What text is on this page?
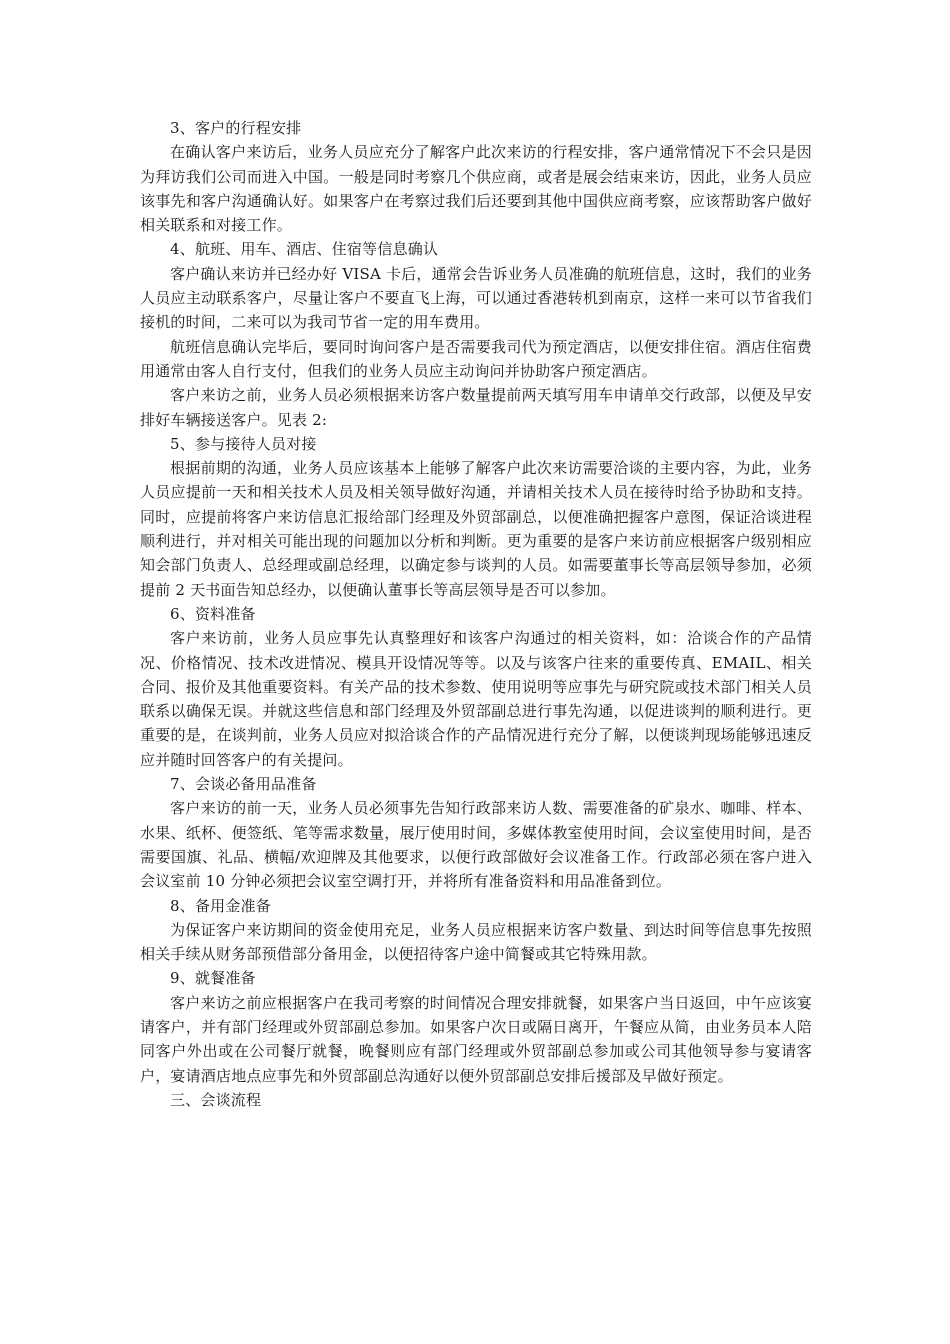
3、客户的行程安排

在确认客户来访后，业务人员应充分了解客户此次来访的行程安排，客户通常情况下不会只是因为拜访我们公司而进入中国。一般是同时考察几个供应商，或者是展会结束来访，因此，业务人员应该事先和客户沟通确认好。如果客户在考察过我们后还要到其他中国供应商考察，应该帮助客户做好相关联系和对接工作。

4、航班、用车、酒店、住宿等信息确认

客户确认来访并已经办好 VISA 卡后，通常会告诉业务人员准确的航班信息，这时，我们的业务人员应主动联系客户，尽量让客户不要直飞上海，可以通过香港转机到南京，这样一来可以节省我们接机的时间，二来可以为我司节省一定的用车费用。

航班信息确认完毕后，要同时询问客户是否需要我司代为预定酒店，以便安排住宿。酒店住宿费用通常由客人自行支付，但我们的业务人员应主动询问并协助客户预定酒店。

客户来访之前，业务人员必须根据来访客户数量提前两天填写用车申请单交行政部，以便及早安排好车辆接送客户。见表 2:

5、参与接待人员对接

根据前期的沟通，业务人员应该基本上能够了解客户此次来访需要洽谈的主要内容，为此，业务人员应提前一天和相关技术人员及相关领导做好沟通，并请相关技术人员在接待时给予协助和支持。同时，应提前将客户来访信息汇报给部门经理及外贸部副总，以便准确把握客户意图，保证洽谈进程顺利进行，并对相关可能出现的问题加以分析和判断。更为重要的是客户来访前应根据客户级别相应知会部门负责人、总经理或副总经理，以确定参与谈判的人员。如需要董事长等高层领导参加，必须提前 2 天书面告知总经办，以便确认董事长等高层领导是否可以参加。

6、资料准备

客户来访前，业务人员应事先认真整理好和该客户沟通过的相关资料，如：洽谈合作的产品情况、价格情况、技术改进情况、模具开设情况等等。以及与该客户往来的重要传真、EMAIL、相关合同、报价及其他重要资料。有关产品的技术参数、使用说明等应事先与研究院或技术部门相关人员联系以确保无误。并就这些信息和部门经理及外贸部副总进行事先沟通，以促进谈判的顺利进行。更重要的是，在谈判前，业务人员应对拟洽谈合作的产品情况进行充分了解，以便谈判现场能够迅速反应并随时回答客户的有关提问。

7、会谈必备用品准备

客户来访的前一天，业务人员必须事先告知行政部来访人数、需要准备的矿泉水、咖啡、样本、水果、纸杯、便签纸、笔等需求数量，展厅使用时间，多媒体教室使用时间，会议室使用时间，是否需要国旗、礼品、横幅/欢迎牌及其他要求，以便行政部做好会议准备工作。行政部必须在客户进入会议室前 10 分钟必须把会议室空调打开，并将所有准备资料和用品准备到位。

8、备用金准备

为保证客户来访期间的资金使用充足，业务人员应根据来访客户数量、到达时间等信息事先按照相关手续从财务部预借部分备用金，以便招待客户途中简餐或其它特殊用款。

9、就餐准备

客户来访之前应根据客户在我司考察的时间情况合理安排就餐，如果客户当日返回，中午应该宴请客户，并有部门经理或外贸部副总参加。如果客户次日或隔日离开，午餐应从简，由业务员本人陪同客户外出或在公司餐厅就餐，晚餐则应有部门经理或外贸部副总参加或公司其他领导参与宴请客户，宴请酒店地点应事先和外贸部副总沟通好以便外贸部副总安排后援部及早做好预定。

三、会谈流程
